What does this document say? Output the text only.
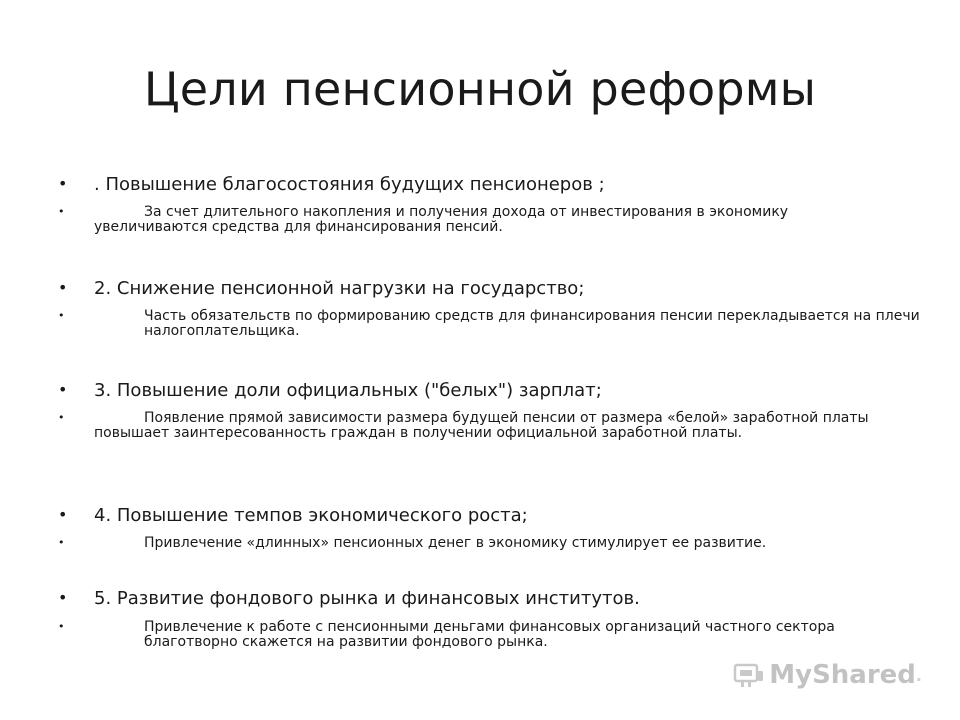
Цели пенсионной реформы
• . Повышение благосостояния будущих пенсионеров ;
•	За счет длительного накопления и получения дохода от инвестирования в экономику увеличиваются средства для финансирования пенсий.
• 2. Снижение пенсионной нагрузки на государство;
•	Часть обязательств по формированию средств для финансирования пенсии перекладывается на плечи налогоплательщика.
• 3. Повышение доли официальных ("белых") зарплат;
•	Появление прямой зависимости размера будущей пенсии от размера «белой» заработной платы повышает заинтересованность граждан в получении официальной заработной платы.
• 4. Повышение темпов экономического роста;
•	Привлечение «длинных» пенсионных денег в экономику стимулирует ее развитие.
• 5. Развитие фондового рынка и финансовых институтов.
•	Привлечение к работе с пенсионными деньгами финансовых организаций частного сектора благотворно скажется на развитии фондового рынка.
MyShared .
